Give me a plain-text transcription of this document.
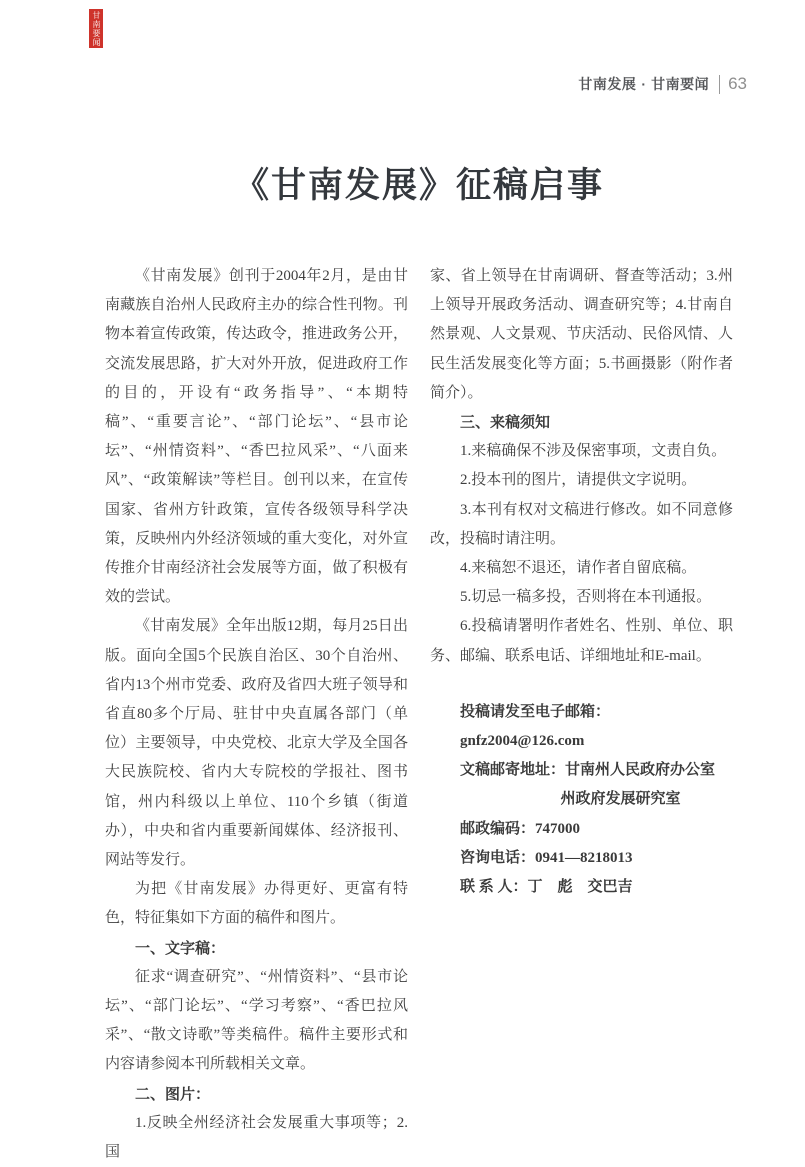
甘南要闻
甘南发展 · 甘南要闻 63
《甘南发展》征稿启事

《甘南发展》创刊于2004年2月，是由甘南藏族自治州人民政府主办的综合性刊物。刊物本着宣传政策，传达政令，推进政务公开，交流发展思路，扩大对外开放，促进政府工作的目的，开设有“政务指导”、“本期特稿”、“重要言论”、“部门论坛”、“县市论坛”、“州情资料”、“香巴拉风采”、“八面来风”、“政策解读”等栏目。创刊以来，在宣传国家、省州方针政策，宣传各级领导科学决策，反映州内外经济领域的重大变化，对外宣传推介甘南经济社会发展等方面，做了积极有效的尝试。

《甘南发展》全年出版12期，每月25日出版。面向全国5个民族自治区、30个自治州、省内13个州市党委、政府及省四大班子领导和省直80多个厅局、驻甘中央直属各部门（单位）主要领导，中央党校、北京大学及全国各大民族院校、省内大专院校的学报社、图书馆，州内科级以上单位、110个乡镇（街道办），中央和省内重要新闻媒体、经济报刊、网站等发行。

为把《甘南发展》办得更好、更富有特色，特征集如下方面的稿件和图片。

一、文字稿：

征求“调查研究”、“州情资料”、“县市论坛”、“部门论坛”、“学习考察”、“香巴拉风采”、“散文诗歌”等类稿件。稿件主要形式和内容请参阅本刊所载相关文章。

二、图片：

1.反映全州经济社会发展重大事项等；2.国

家、省上领导在甘南调研、督查等活动；3.州上领导开展政务活动、调查研究等；4.甘南自然景观、人文景观、节庆活动、民俗风情、人民生活发展变化等方面；5.书画摄影（附作者简介）。

三、来稿须知

1.来稿确保不涉及保密事项，文责自负。

2.投本刊的图片，请提供文字说明。

3.本刊有权对文稿进行修改。如不同意修改，投稿时请注明。

4.来稿恕不退还，请作者自留底稿。

5.切忌一稿多投，否则将在本刊通报。

6.投稿请署明作者姓名、性别、单位、职务、邮编、联系电话、详细地址和E-mail。

投稿请发至电子邮箱：gnfz2004@126.com

文稿邮寄地址：甘南州人民政府办公室

州政府发展研究室

邮政编码：747000

咨询电话：0941—8218013

联 系 人：丁　彪　交巴吉
